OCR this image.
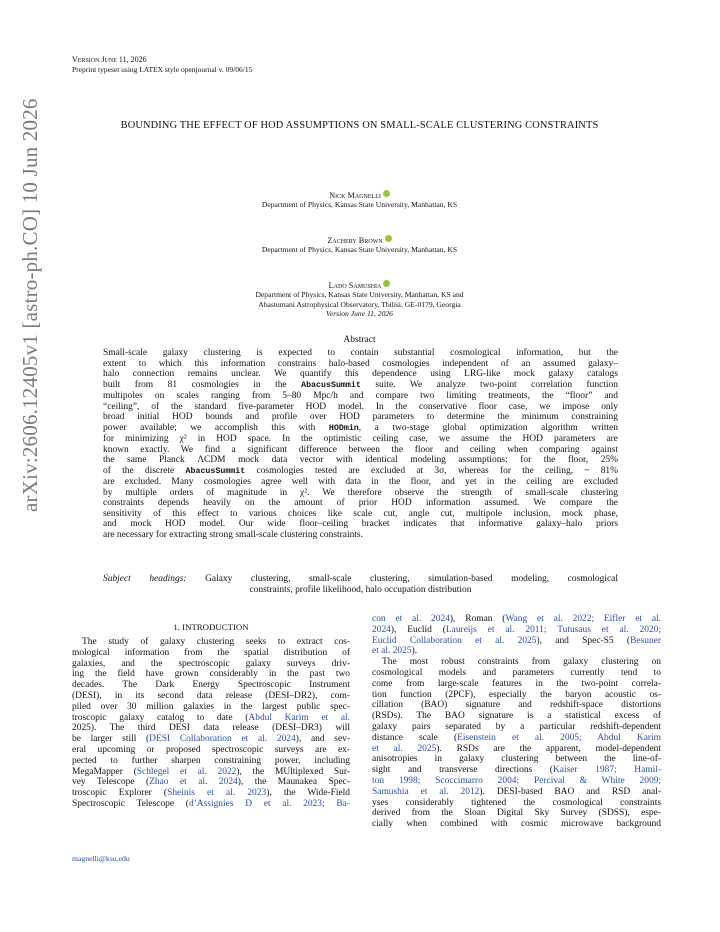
arXiv:2606.12405v1 [astro-ph.CO] 10 Jun 2026
Version June 11, 2026
Preprint typeset using LATEX style openjournal v. 09/06/15
BOUNDING THE EFFECT OF HOD ASSUMPTIONS ON SMALL-SCALE CLUSTERING CONSTRAINTS
Nick Magnelli
Department of Physics, Kansas State University, Manhattan, KS
Zachery Brown
Department of Physics, Kansas State University, Manhattan, KS
Lado Samushia
Department of Physics, Kansas State University, Manhattan, KS and
Abastumani Astrophysical Observatory, Tbilisi, GE-0179, Georgia
Version June 11, 2026
Abstract
Small-scale galaxy clustering is expected to contain substantial cosmological information, but the
extent to which this information constrains halo-based cosmologies independent of an assumed galaxy–
halo connection remains unclear. We quantify this dependence using LRG-like mock galaxy catalogs
built from 81 cosmologies in the AbacusSummit suite. We analyze two-point correlation function
multipoles on scales ranging from 5–80 Mpc/h and compare two limiting treatments, the “floor” and
“ceiling”, of the standard five-parameter HOD model. In the conservative floor case, we impose only
broad initial HOD bounds and profile over HOD parameters to determine the minimum constraining
power available; we accomplish this with HODmin, a two-stage global optimization algorithm written
for minimizing χ² in HOD space. In the optimistic ceiling case, we assume the HOD parameters are
known exactly. We find a significant difference between the floor and ceiling when comparing against
the same Planck ΛCDM mock data vector with identical modeling assumptions: for the floor, 25%
of the discrete AbacusSummit cosmologies tested are excluded at 3σ, whereas for the ceiling, ~ 81%
are excluded. Many cosmologies agree well with data in the floor, and yet in the ceiling are excluded
by multiple orders of magnitude in χ². We therefore observe the strength of small-scale clustering
constraints depends heavily on the amount of prior HOD information assumed. We compare the
sensitivity of this effect to various choices like scale cut, angle cut, multipole inclusion, mock phase,
and mock HOD model. Our wide floor–ceiling bracket indicates that informative galaxy–halo priors
are necessary for extracting strong small-scale clustering constraints.
Subject headings: Galaxy clustering, small-scale clustering, simulation-based modeling, cosmological
constraints, profile likelihood, halo occupation distribution
1. INTRODUCTION
The study of galaxy clustering seeks to extract cos-
mological information from the spatial distribution of
galaxies, and the spectroscopic galaxy surveys driv-
ing the field have grown considerably in the past two
decades. The Dark Energy Spectroscopic Instrument
(DESI), in its second data release (DESI–DR2), com-
piled over 30 million galaxies in the largest public spec-
troscopic galaxy catalog to date (Abdul Karim et al.
2025). The third DESI data release (DESI–DR3) will
be larger still (DESI Collaboration et al. 2024), and sev-
eral upcoming or proposed spectroscopic surveys are ex-
pected to further sharpen constraining power, including
MegaMapper (Schlegel et al. 2022), the MUltiplexed Sur-
vey Telescope (Zhao et al. 2024), the Maunakea Spec-
troscopic Explorer (Sheinis et al. 2023), the Wide-Field
Spectroscopic Telescope (d’Assignies D et al. 2023; Ba-
con et al. 2024), Roman (Wang et al. 2022; Eifler et al.
2024), Euclid (Laureijs et al. 2011; Tutusaus et al. 2020;
Euclid Collaboration et al. 2025), and Spec-S5 (Besuner
et al. 2025).
The most robust constraints from galaxy clustering on
cosmological models and parameters currently tend to
come from large-scale features in the two-point correla-
tion function (2PCF), especially the baryon acoustic os-
cillation (BAO) signature and redshift-space distortions
(RSDs). The BAO signature is a statistical excess of
galaxy pairs separated by a particular redshift-dependent
distance scale (Eisenstein et al. 2005; Abdul Karim
et al. 2025). RSDs are the apparent, model-dependent
anisotropies in galaxy clustering between the line-of-
sight and transverse directions (Kaiser 1987; Hamil-
ton 1998; Scoccimarro 2004; Percival & White 2009;
Samushia et al. 2012). DESI-based BAO and RSD anal-
yses considerably tightened the cosmological constraints
derived from the Sloan Digital Sky Survey (SDSS), espe-
cially when combined with cosmic microwave background
magnelli@ksu.edu
